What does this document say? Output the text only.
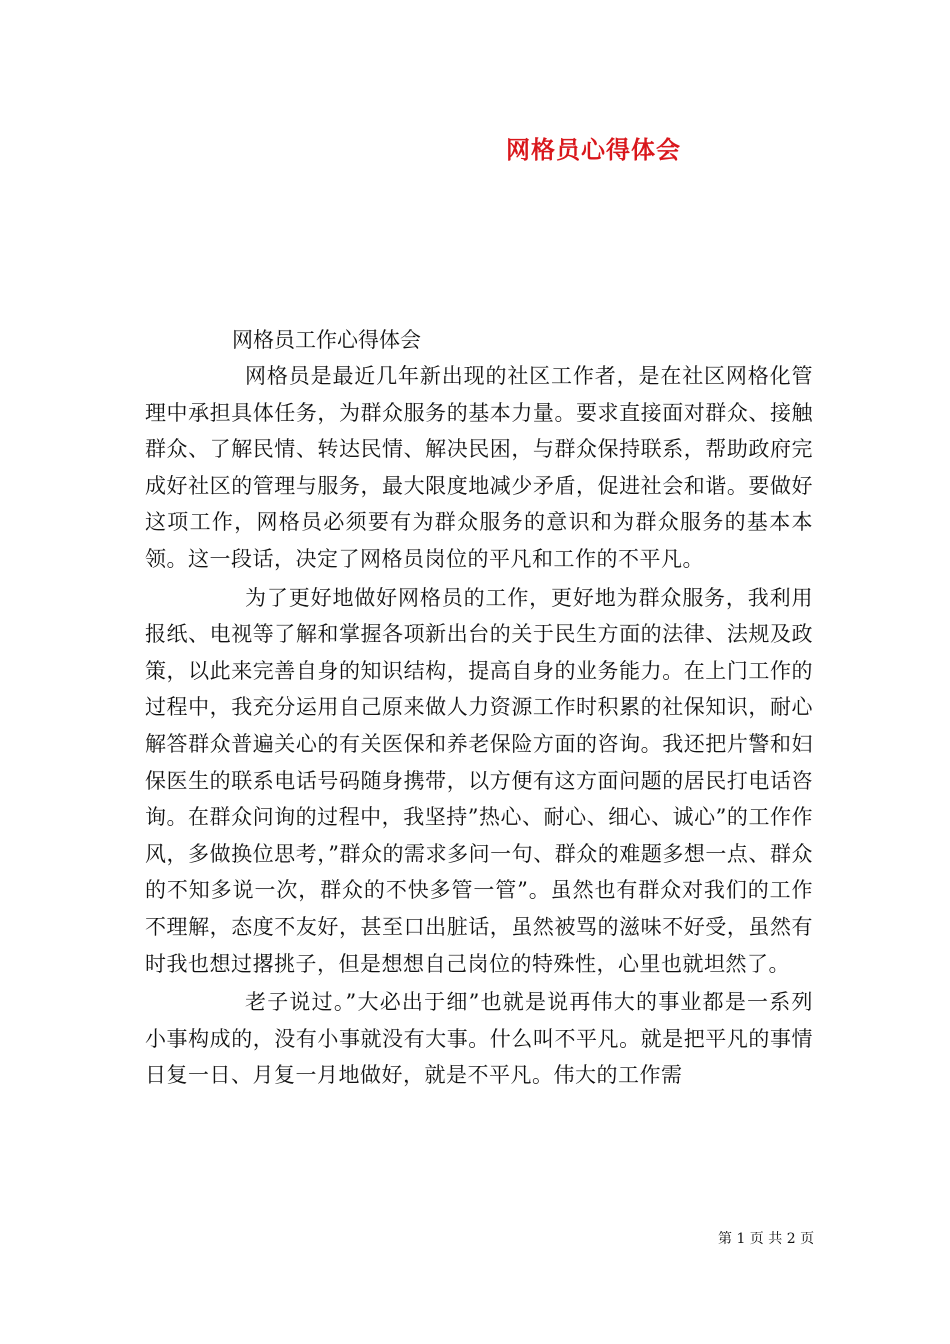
网格员心得体会
网格员工作心得体会

网格员是最近几年新出现的社区工作者，是在社区网格化管理中承担具体任务，为群众服务的基本力量。要求直接面对群众、接触群众、了解民情、转达民情、解决民困，与群众保持联系，帮助政府完成好社区的管理与服务，最大限度地减少矛盾，促进社会和谐。要做好这项工作，网格员必须要有为群众服务的意识和为群众服务的基本本领。这一段话，决定了网格员岗位的平凡和工作的不平凡。

为了更好地做好网格员的工作，更好地为群众服务，我利用报纸、电视等了解和掌握各项新出台的关于民生方面的法律、法规及政策，以此来完善自身的知识结构，提高自身的业务能力。在上门工作的过程中，我充分运用自己原来做人力资源工作时积累的社保知识，耐心解答群众普遍关心的有关医保和养老保险方面的咨询。我还把片警和妇保医生的联系电话号码随身携带，以方便有这方面问题的居民打电话咨询。在群众问询的过程中，我坚持”热心、耐心、细心、诚心”的工作作风，多做换位思考，”群众的需求多问一句、群众的难题多想一点、群众的不知多说一次，群众的不快多管一管”。虽然也有群众对我们的工作不理解，态度不友好，甚至口出脏话，虽然被骂的滋味不好受，虽然有时我也想过撂挑子，但是想想自己岗位的特殊性，心里也就坦然了。

老子说过。”大必出于细”也就是说再伟大的事业都是一系列小事构成的，没有小事就没有大事。什么叫不平凡。就是把平凡的事情日复一日、月复一月地做好，就是不平凡。伟大的工作需

第 1 页 共 2 页
